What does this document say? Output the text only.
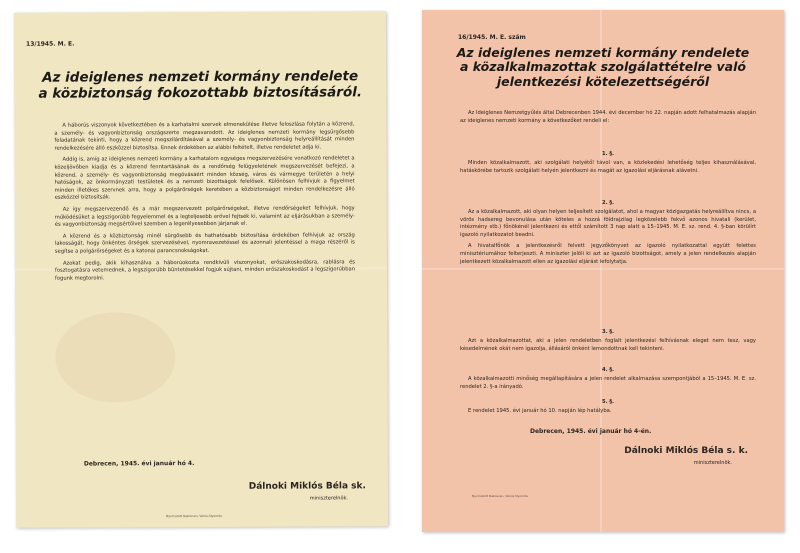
13/1945. M. E.
Az ideiglenes nemzeti kormány rendelete
a közbiztonság fokozottabb biztosításáról.

A háborús viszonyok következtében és a karhatalmi szervek elmenekülése illetve feloszlása folytán a közrend, a személy- és vagyonbiztonság országszerte megzavarodott. Az ideiglenes nemzeti kormány legsürgősebb feladatának tekinti, hogy a közrend megszilárdításával a személy- és vagyonbiztonság helyreállítását minden rendelkezésére álló eszközzel biztosítsa. Ennek érdekében az alábbi feltételt, illetve rendeletet adja ki.

Addig is, amíg az ideiglenes nemzeti kormány a karhatalom egységes megszervezésére vonatkozó rendeletet a közeljövőben kiadja és a közrend fenntartásának és a rendőrség felügyeletének megszervezését befejezi, a közrend, a személy- és vagyonbiztonság megóvásáért minden község, város és vármegye területén a helyi hatóságok, az önkormányzati testületek és a nemzeti bizottságok felelősek. Különösen felhívjuk a figyelmet minden illetékes szervnek arra, hogy a polgárőrségek keretében a közbiztonságot minden rendelkezésre álló eszközzel biztosítsák.

Az így megszervezendő és a már megszervezett polgárőrségeket, illetve rendőrségeket felhívjuk, hogy működésüket a legszigorúbb fegyelemmel és a legteljesebb erővel fejtsék ki, valamint az eljárásukban a személy- és vagyonbiztonság megsértőivel szemben a legerélyesebben járjanak el.

A közrend és a közbiztonság minél sürgősebb és hathatósabb biztosítása érdekében felhívjuk az ország lakosságát, hogy önkéntes őrségek szervezésével, nyomravezetéssel és azonnali jelentéssel a maga részéről is segítse a polgárőrségeket és a katonai parancsnokságokat.

Azokat pedig, akik kihasználva a háborúokozta rendkívüli viszonyokat, erőszakoskodásra, rablásra és fosztogatásra vetemednek, a legszigorúbb büntetésekkel fogjuk sújtani, minden erőszakoskodást a legszigorúbban fogunk megtorolni.

Debrecen, 1945. évi január hó 4.
Dálnoki Miklós Béla sk.
miniszterelnök.
Nyomatott Debrecen, Városi Nyomda
16/1945. M. E. szám
Az ideiglenes nemzeti kormány rendelete
a közalkalmazottak szolgálattételre való
jelentkezési kötelezettségéről

Az Ideiglenes Nemzetgyűlés által Debrecenben 1944. évi december hó 22. napján adott felhatalmazás alapján az ideiglenes nemzeti kormány a következőket rendeli el:

1. §.

Minden közalkalmazott, aki szolgálati helyétől távol van, a közlekedési lehetőség teljes kihasználásával, hatáskörébe tartozik szolgálati helyén jelentkezni és magát az igazolási eljárásnak alávetni.

2. §.

Az a közalkalmazott, aki olyan helyen teljesített szolgálatot, ahol a magyar közigazgatás helyreállítva nincs, a vörös hadsereg bevonulása után köteles a hozzá földrajzilag legközelebb fekvő azonos hivatali (kerület, intézmény stb.) főnökénél jelentkezni és ettől számított 3 nap alatt a 15–1945. M. E. sz. rend. 4. §-ban körülírt igazoló nyilatkozatot beadni.

A hivatalfőnök a jelentkezésről felvett jegyzőkönyvet az igazoló nyilatkozattal együtt felettes minisztériumához felterjeszti. A miniszter jelöli ki azt az igazoló bizottságot, amely a jelen rendelkezés alapján jelentkezett közalkalmazott ellen az igazolási eljárást lefolytatja.

3. §.

Azt a közalkalmazottat, aki a jelen rendeletben foglalt jelentkezési felhívásnak eleget nem tesz, vagy késedelmének okát nem igazolja, állásáról önként lemondottnak kell tekinteni.

4. §.

A közalkalmazotti minőség megállapítására a jelen rendelet alkalmazása szempontjából a 15–1945. M. E. sz. rendelet 2. §-a irányadó.

5. §.

E rendelet 1945. évi január hó 10. napján lép hatályba.

Debrecen, 1945. évi január hó 4-én.
Dálnoki Miklós Béla s. k.
miniszterelnök.
Nyomatott Debrecen, Városi Nyomda
